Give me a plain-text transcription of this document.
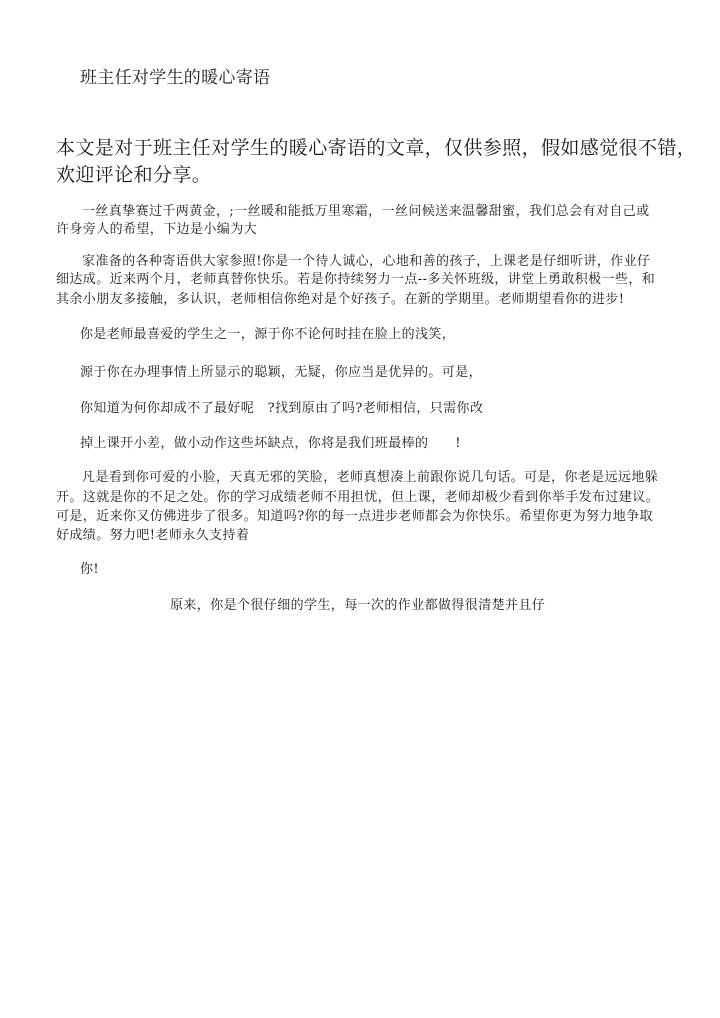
班主任对学生的暖心寄语
本文是对于班主任对学生的暖心寄语的文章，仅供参照，假如感觉很不错，
欢迎评论和分享。
一丝真挚赛过千两黄金，;一丝暖和能抵万里寒霜，一丝问候送来温馨甜蜜，我们总会有对自己或
许身旁人的希望，下边是小编为大
家准备的各种寄语供大家参照!你是一个待人诚心，心地和善的孩子，上课老是仔细听讲，作业仔
细达成。近来两个月，老师真替你快乐。若是你持续努力一点--多关怀班级，讲堂上勇敢积极一些，和
其余小朋友多接触，多认识，老师相信你绝对是个好孩子。在新的学期里。老师期望看你的进步!
你是老师最喜爱的学生之一，源于你不论何时挂在脸上的浅笑，
源于你在办理事情上所显示的聪颖，无疑，你应当是优异的。可是，
你知道为何你却成不了最好呢　?找到原由了吗?老师相信，只需你改
掉上课开小差，做小动作这些坏缺点，你将是我们班最棒的　　!
凡是看到你可爱的小脸，天真无邪的笑脸，老师真想凑上前跟你说几句话。可是，你老是远远地躲
开。这就是你的不足之处。你的学习成绩老师不用担忧，但上课，老师却极少看到你举手发布过建议。
可是，近来你又仿佛进步了很多。知道吗?你的每一点进步老师都会为你快乐。希望你更为努力地争取
好成绩。努力吧!老师永久支持着
你!
原来，你是个很仔细的学生，每一次的作业都做得很清楚并且仔
